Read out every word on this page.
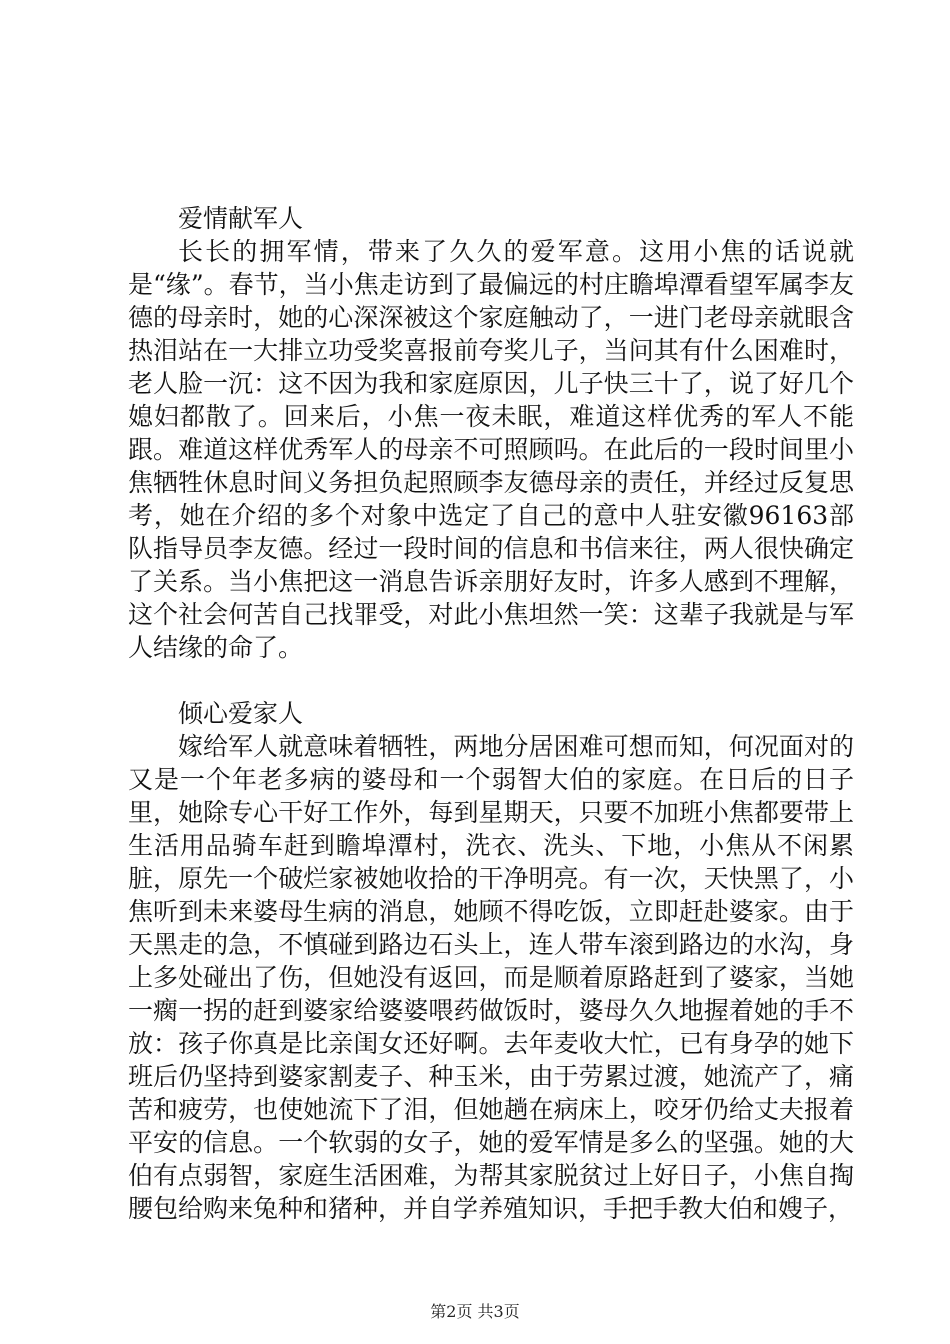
爱情献军人

长长的拥军情，带来了久久的爱军意。这用小焦的话说就是“缘”。春节，当小焦走访到了最偏远的村庄瞻埠潭看望军属李友德的母亲时，她的心深深被这个家庭触动了，一进门老母亲就眼含热泪站在一大排立功受奖喜报前夸奖儿子，当问其有什么困难时，老人脸一沉：这不因为我和家庭原因，儿子快三十了，说了好几个媳妇都散了。回来后，小焦一夜未眠，难道这样优秀的军人不能跟。难道这样优秀军人的母亲不可照顾吗。在此后的一段时间里小焦牺牲休息时间义务担负起照顾李友德母亲的责任，并经过反复思考，她在介绍的多个对象中选定了自己的意中人驻安徽96163部队指导员李友德。经过一段时间的信息和书信来往，两人很快确定了关系。当小焦把这一消息告诉亲朋好友时，许多人感到不理解，这个社会何苦自己找罪受，对此小焦坦然一笑：这辈子我就是与军人结缘的命了。

倾心爱家人

嫁给军人就意味着牺牲，两地分居困难可想而知，何况面对的又是一个年老多病的婆母和一个弱智大伯的家庭。在日后的日子里，她除专心干好工作外，每到星期天，只要不加班小焦都要带上生活用品骑车赶到瞻埠潭村，洗衣、洗头、下地，小焦从不闲累脏，原先一个破烂家被她收拾的干净明亮。有一次，天快黑了，小焦听到未来婆母生病的消息，她顾不得吃饭，立即赶赴婆家。由于天黑走的急，不慎碰到路边石头上，连人带车滚到路边的水沟，身上多处碰出了伤，但她没有返回，而是顺着原路赶到了婆家，当她一瘸一拐的赶到婆家给婆婆喂药做饭时，婆母久久地握着她的手不放：孩子你真是比亲闺女还好啊。去年麦收大忙，已有身孕的她下班后仍坚持到婆家割麦子、种玉米，由于劳累过渡，她流产了，痛苦和疲劳，也使她流下了泪，但她趟在病床上，咬牙仍给丈夫报着平安的信息。一个软弱的女子，她的爱军情是多么的坚强。她的大伯有点弱智，家庭生活困难，为帮其家脱贫过上好日子，小焦自掏腰包给购来兔种和猪种，并自学养殖知识，手把手教大伯和嫂子，

第2页 共3页
